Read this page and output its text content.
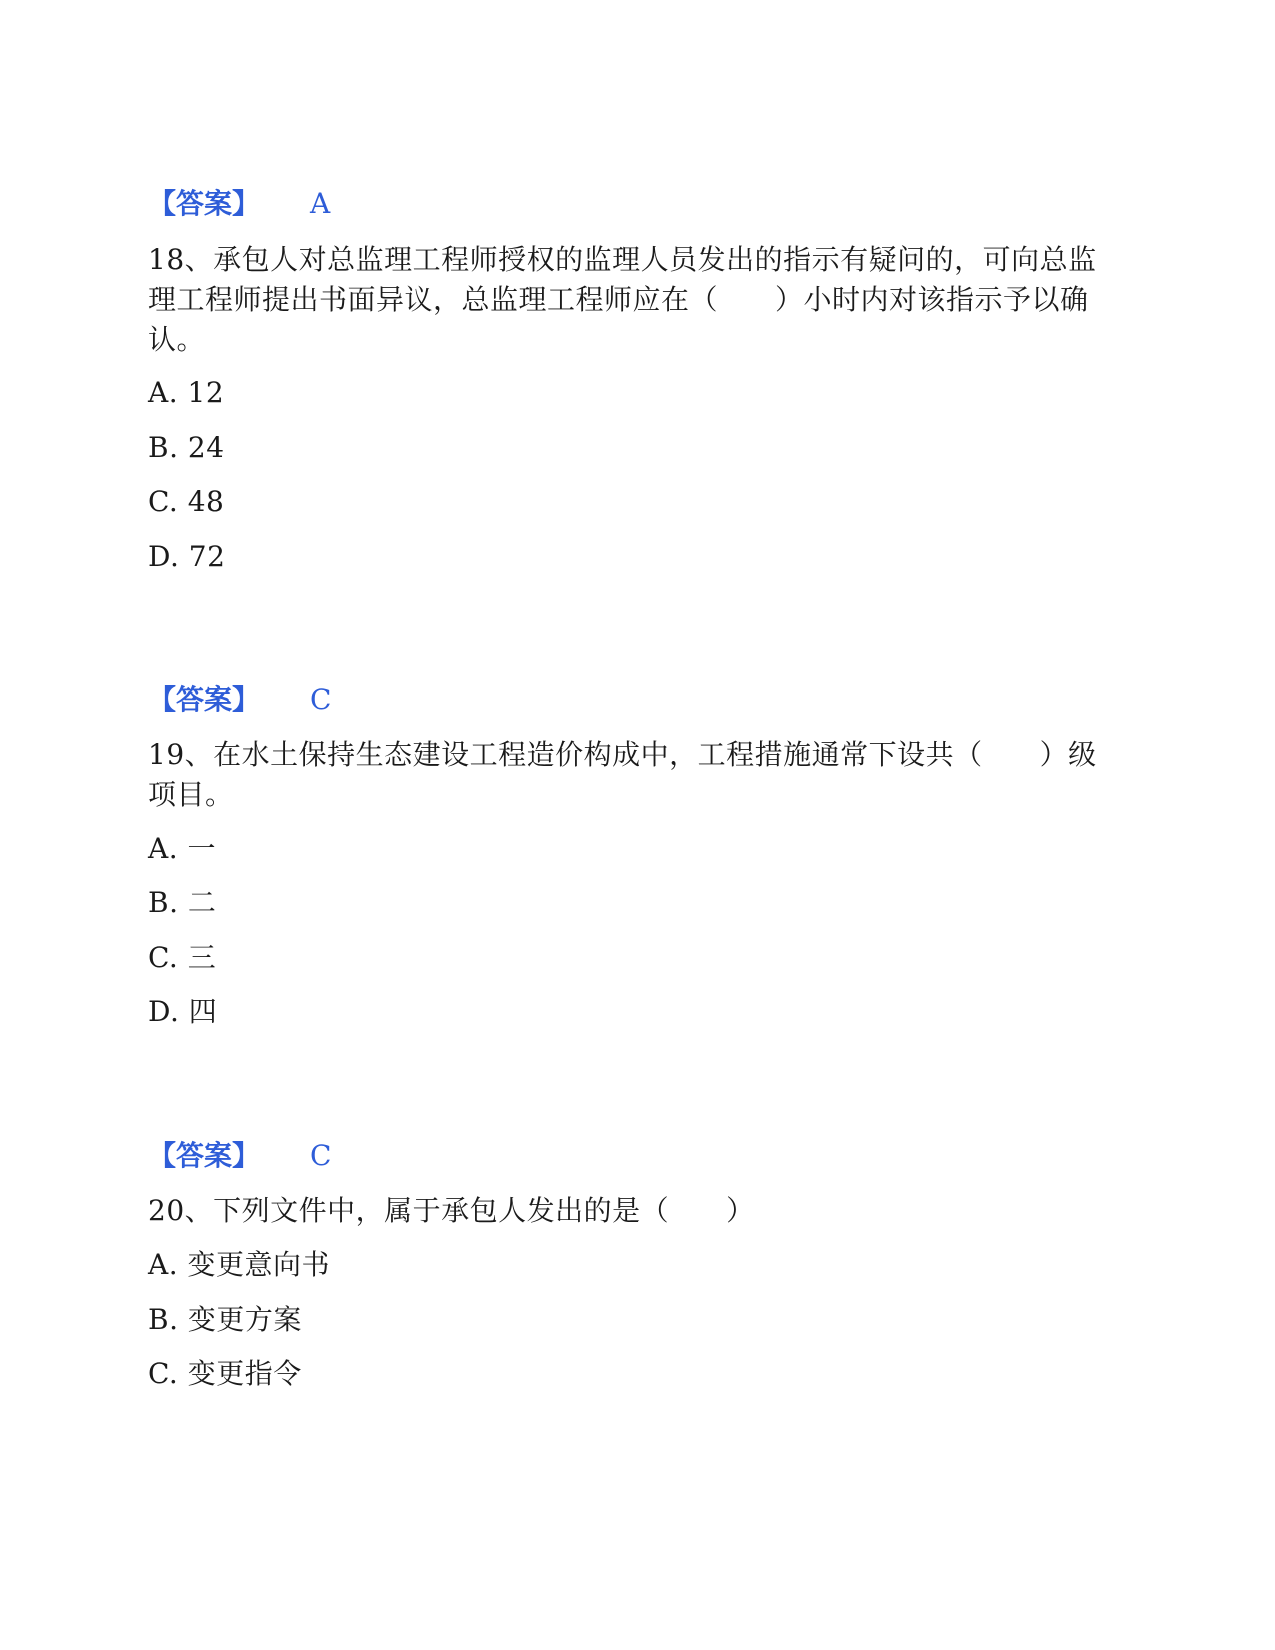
【答案】 A
18、承包人对总监理工程师授权的监理人员发出的指示有疑问的，可向总监
理工程师提出书面异议，总监理工程师应在（　　）小时内对该指示予以确
认。
A. 12
B. 24
C. 48
D. 72
【答案】 C
19、在水土保持生态建设工程造价构成中，工程措施通常下设共（　　）级
项目。
A. 一
B. 二
C. 三
D. 四
【答案】 C
20、下列文件中，属于承包人发出的是（　　）
A. 变更意向书
B. 变更方案
C. 变更指令
